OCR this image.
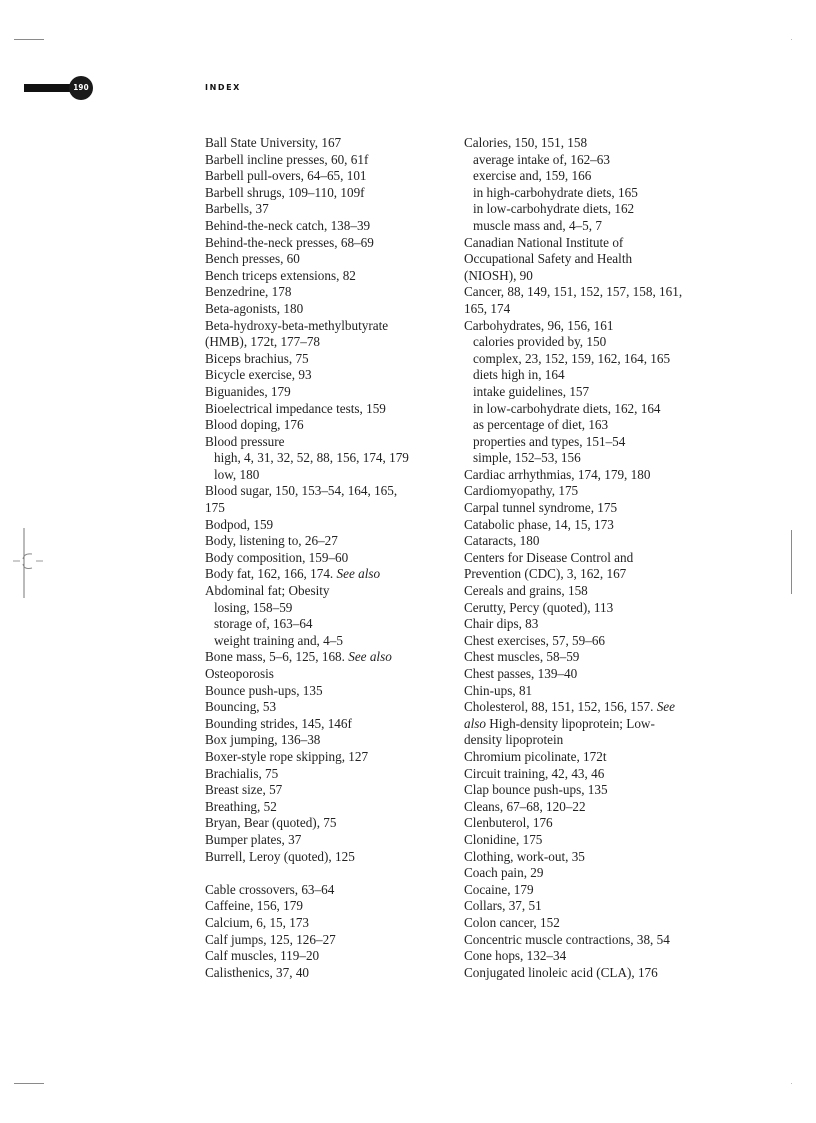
190	INDEX
Ball State University, 167
Barbell incline presses, 60, 61f
Barbell pull-overs, 64–65, 101
Barbell shrugs, 109–110, 109f
Barbells, 37
Behind-the-neck catch, 138–39
Behind-the-neck presses, 68–69
Bench presses, 60
Bench triceps extensions, 82
Benzedrine, 178
Beta-agonists, 180
Beta-hydroxy-beta-methylbutyrate
(HMB), 172t, 177–78
Biceps brachius, 75
Bicycle exercise, 93
Biguanides, 179
Bioelectrical impedance tests, 159
Blood doping, 176
Blood pressure
high, 4, 31, 32, 52, 88, 156, 174, 179
low, 180
Blood sugar, 150, 153–54, 164, 165,
175
Bodpod, 159
Body, listening to, 26–27
Body composition, 159–60
Body fat, 162, 166, 174. See also
Abdominal fat; Obesity
losing, 158–59
storage of, 163–64
weight training and, 4–5
Bone mass, 5–6, 125, 168. See also
Osteoporosis
Bounce push-ups, 135
Bouncing, 53
Bounding strides, 145, 146f
Box jumping, 136–38
Boxer-style rope skipping, 127
Brachialis, 75
Breast size, 57
Breathing, 52
Bryan, Bear (quoted), 75
Bumper plates, 37
Burrell, Leroy (quoted), 125
Cable crossovers, 63–64
Caffeine, 156, 179
Calcium, 6, 15, 173
Calf jumps, 125, 126–27
Calf muscles, 119–20
Calisthenics, 37, 40
Calories, 150, 151, 158
average intake of, 162–63
exercise and, 159, 166
in high-carbohydrate diets, 165
in low-carbohydrate diets, 162
muscle mass and, 4–5, 7
Canadian National Institute of
Occupational Safety and Health
(NIOSH), 90
Cancer, 88, 149, 151, 152, 157, 158, 161,
165, 174
Carbohydrates, 96, 156, 161
calories provided by, 150
complex, 23, 152, 159, 162, 164, 165
diets high in, 164
intake guidelines, 157
in low-carbohydrate diets, 162, 164
as percentage of diet, 163
properties and types, 151–54
simple, 152–53, 156
Cardiac arrhythmias, 174, 179, 180
Cardiomyopathy, 175
Carpal tunnel syndrome, 175
Catabolic phase, 14, 15, 173
Cataracts, 180
Centers for Disease Control and
Prevention (CDC), 3, 162, 167
Cereals and grains, 158
Cerutty, Percy (quoted), 113
Chair dips, 83
Chest exercises, 57, 59–66
Chest muscles, 58–59
Chest passes, 139–40
Chin-ups, 81
Cholesterol, 88, 151, 152, 156, 157. See
also High-density lipoprotein; Low-
density lipoprotein
Chromium picolinate, 172t
Circuit training, 42, 43, 46
Clap bounce push-ups, 135
Cleans, 67–68, 120–22
Clenbuterol, 176
Clonidine, 175
Clothing, work-out, 35
Coach pain, 29
Cocaine, 179
Collars, 37, 51
Colon cancer, 152
Concentric muscle contractions, 38, 54
Cone hops, 132–34
Conjugated linoleic acid (CLA), 176
